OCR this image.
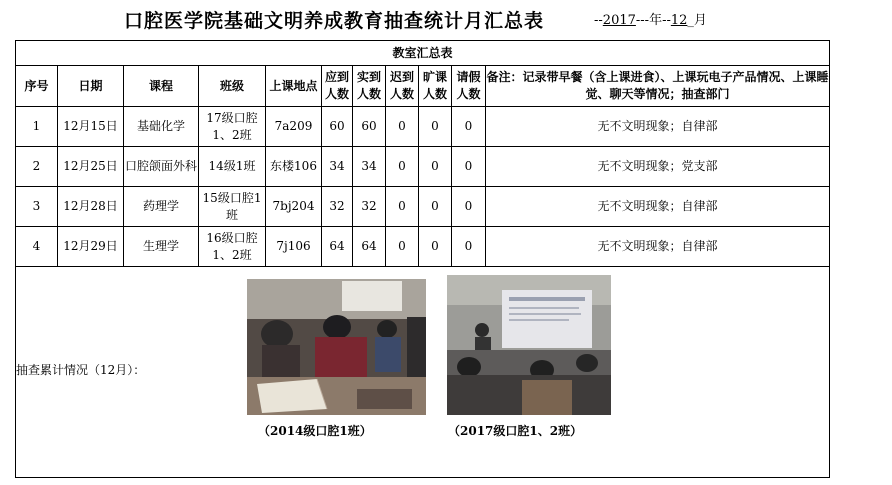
口腔医学院基础文明养成教育抽查统计月汇总表	--2017---年--12_月
教室汇总表										
序号	日期	课程	班级	上课地点	应到人数	实到人数	迟到人数	旷课人数	请假人数	备注：记录带早餐（含上课进食）、上课玩电子产品情况、上课睡觉、聊天等情况；抽查部门
1	12月15日	基础化学	17级口腔1、2班	7a209	60	60	0	0	0	无不文明现象；自律部
2	12月25日	口腔颌面外科	14级1班	东楼106	34	34	0	0	0	无不文明现象；党支部
3	12月28日	药理学	15级口腔1班	7bj204	32	32	0	0	0	无不文明现象；自律部
4	12月29日	生理学	16级口腔1、2班	7j106	64	64	0	0	0	无不文明现象；自律部

抽查累计情况（12月）：
（2014级口腔1班） （2017级口腔1、2班）										
